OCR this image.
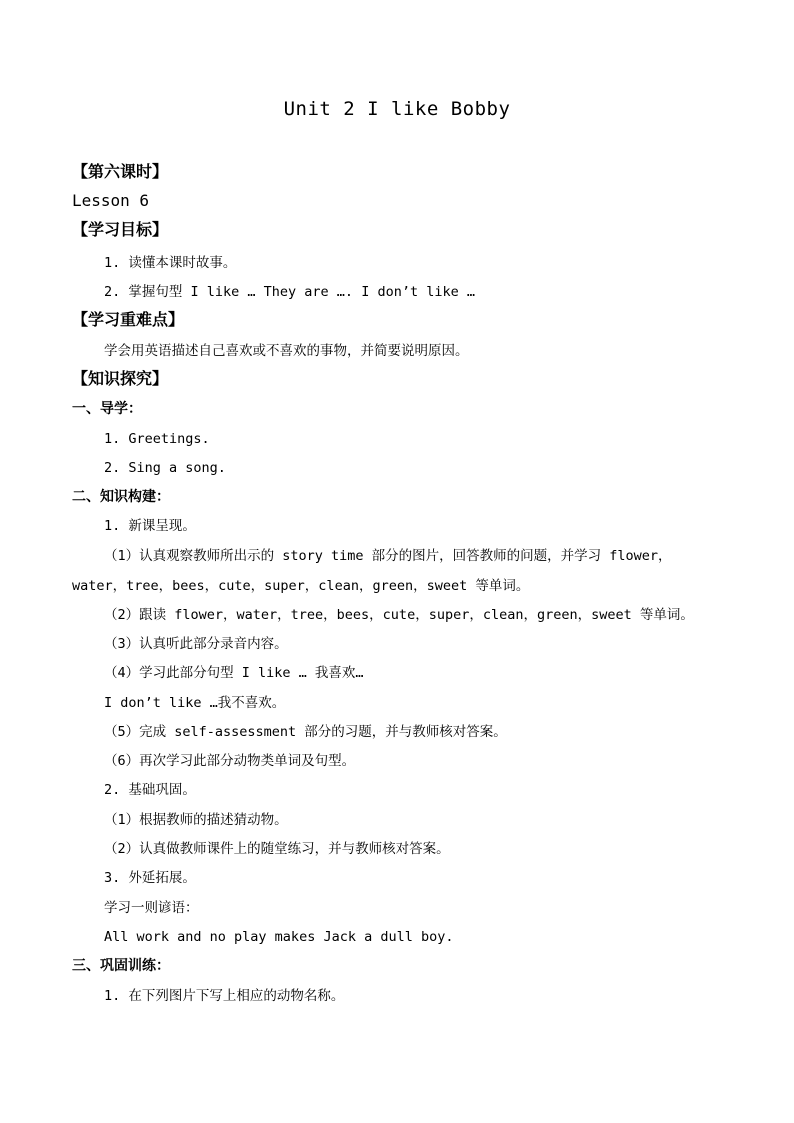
Unit 2 I like Bobby
【第六课时】
Lesson 6
【学习目标】
1. 读懂本课时故事。
2. 掌握句型 I like … They are …. I don’t like …
【学习重难点】
学会用英语描述自己喜欢或不喜欢的事物，并简要说明原因。
【知识探究】
一、导学：
1. Greetings.
2. Sing a song.
二、知识构建：
1. 新课呈现。
（1）认真观察教师所出示的 story time 部分的图片，回答教师的问题，并学习 flower，
water，tree，bees，cute，super，clean，green，sweet 等单词。
（2）跟读 flower，water，tree，bees，cute，super，clean，green，sweet 等单词。
（3）认真听此部分录音内容。
（4）学习此部分句型 I like … 我喜欢…
I don’t like …我不喜欢。
（5）完成 self-assessment 部分的习题，并与教师核对答案。
（6）再次学习此部分动物类单词及句型。
2. 基础巩固。
（1）根据教师的描述猜动物。
（2）认真做教师课件上的随堂练习，并与教师核对答案。
3. 外延拓展。
学习一则谚语：
All work and no play makes Jack a dull boy.
三、巩固训练：
1. 在下列图片下写上相应的动物名称。
